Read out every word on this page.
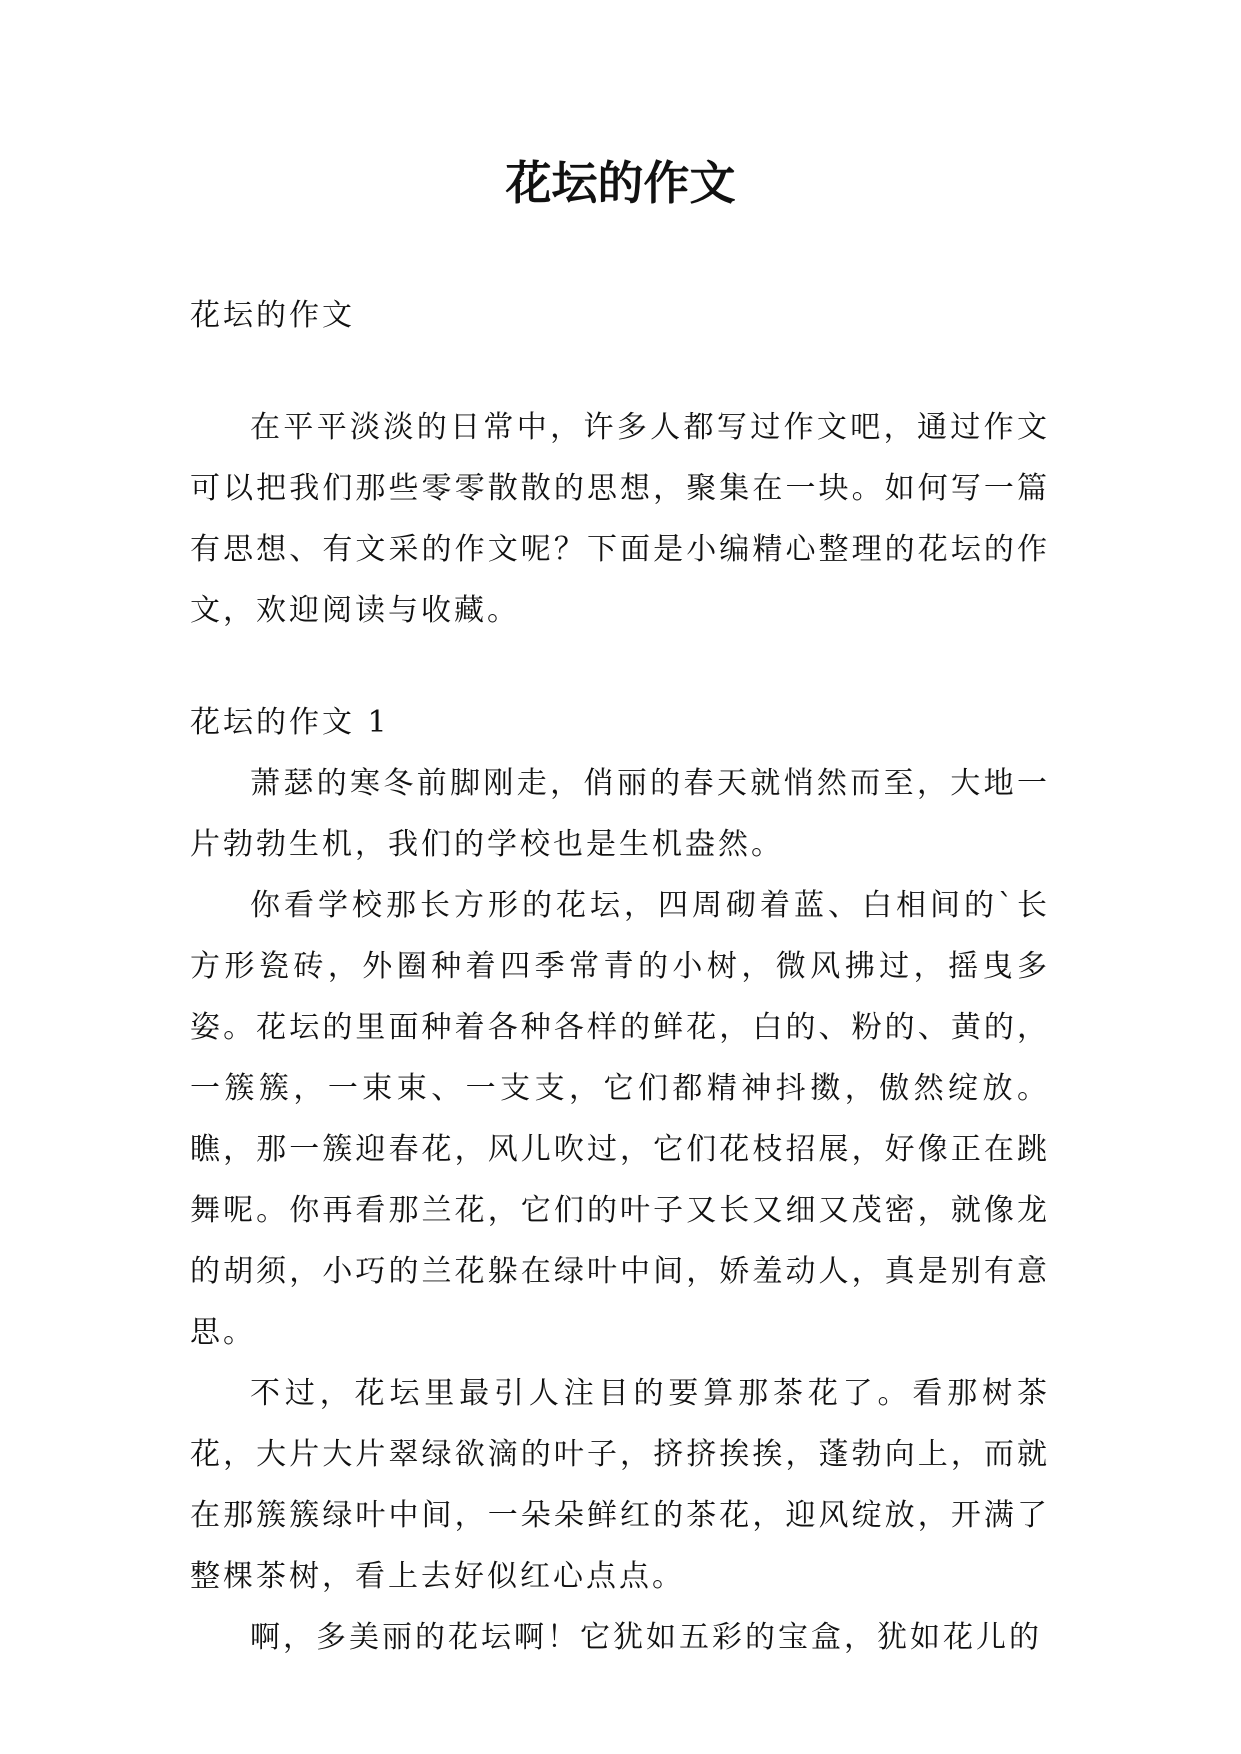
花坛的作文

花坛的作文

在平平淡淡的日常中，许多人都写过作文吧，通过作文可以把我们那些零零散散的思想，聚集在一块。如何写一篇有思想、有文采的作文呢？下面是小编精心整理的花坛的作文，欢迎阅读与收藏。

花坛的作文 1

萧瑟的寒冬前脚刚走，俏丽的春天就悄然而至，大地一片勃勃生机，我们的学校也是生机盎然。

你看学校那长方形的花坛，四周砌着蓝、白相间的`长方形瓷砖，外圈种着四季常青的小树，微风拂过，摇曳多姿。花坛的里面种着各种各样的鲜花，白的、粉的、黄的，一簇簇，一束束、一支支，它们都精神抖擞，傲然绽放。瞧，那一簇迎春花，风儿吹过，它们花枝招展，好像正在跳舞呢。你再看那兰花，它们的叶子又长又细又茂密，就像龙的胡须，小巧的兰花躲在绿叶中间，娇羞动人，真是别有意思。

不过，花坛里最引人注目的要算那茶花了。看那树茶花，大片大片翠绿欲滴的叶子，挤挤挨挨，蓬勃向上，而就在那簇簇绿叶中间，一朵朵鲜红的茶花，迎风绽放，开满了整棵茶树，看上去好似红心点点。

啊，多美丽的花坛啊！它犹如五彩的宝盒，犹如花儿的
